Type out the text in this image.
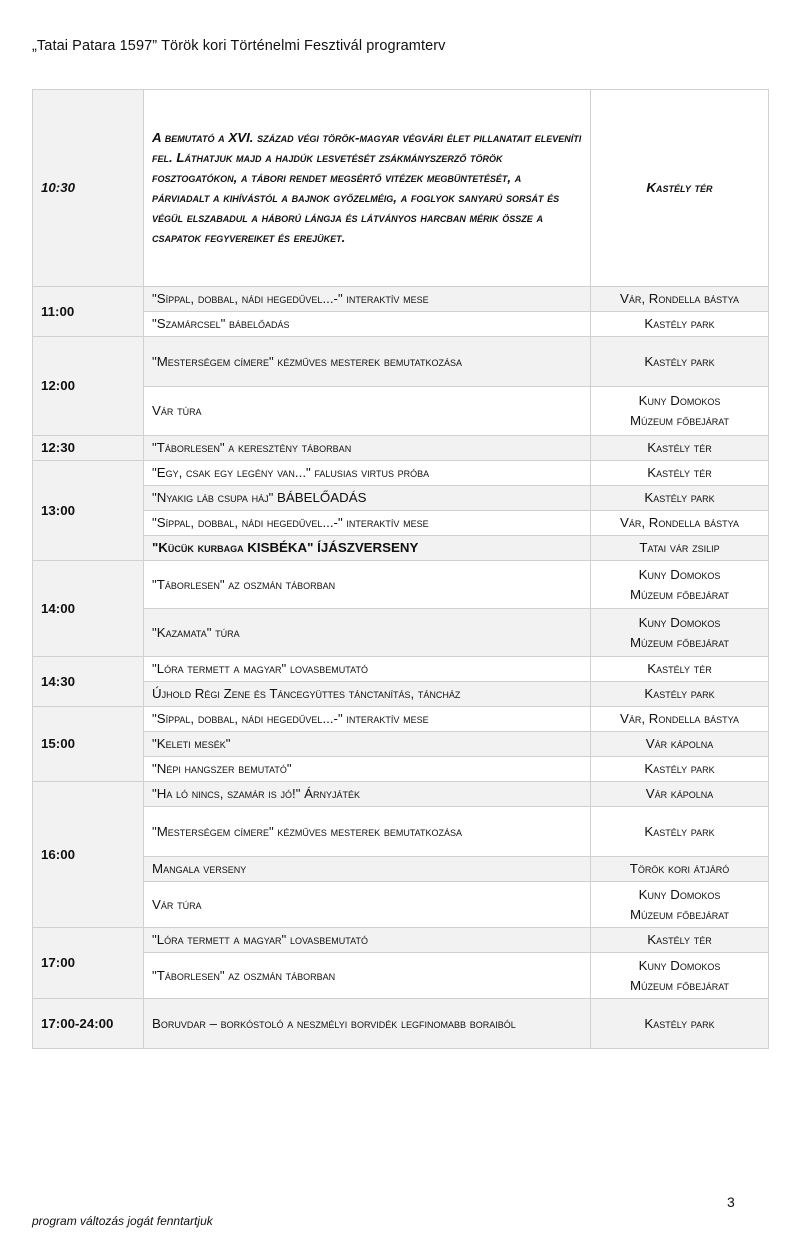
„Tatai Patara 1597” Török kori Történelmi Fesztivál programterv
10:30	A bemutató a XVI. század végi török-magyar végvári élet pillanatait eleveníti fel. Láthatjuk majd a hajdúk lesvetését zsákmányszerző török fosztogatókon, a tábori rendet megsértő vitézek megbüntetését, a párviadalt a kihívástól a bajnok győzelméig, a foglyok sanyarú sorsát és végül elszabadul a háború lángja és látványos harcban mérik össze a csapatok fegyvereiket és erejüket.	Kastély tér
11:00	"Síppal, dobbal, nádi hegedűvel...-" interaktív mese	Vár, Rondella bástya
	"Szamárcsel" bábelőadás	Kastély park
12:00	"Mesterségem címere" kézműves mesterek bemutatkozása	Kastély park
	Vár túra	Kuny Domokos
Múzeum főbejárat
12:30	"Táborlesen" a keresztény táborban	Kastély tér
13:00	"Egy, csak egy legény van..." falusias virtus próba	Kastély tér
	"Nyakig láb csupa háj" BÁBELŐADÁS	Kastély park
	"Síppal, dobbal, nádi hegedűvel...-" interaktív mese	Vár, Rondella bástya
	"Kücük kurbaga KISBÉKA" ÍJÁSZVERSENY	Tatai vár zsilip
14:00	"Táborlesen" az oszmán táborban	Kuny Domokos
Múzeum főbejárat
	"Kazamata" túra	Kuny Domokos
Múzeum főbejárat
14:30	"Lóra termett a magyar" lovasbemutató	Kastély tér
	Újhold Régi Zene és Táncegyüttes tánctanítás, táncház	Kastély park
15:00	"Síppal, dobbal, nádi hegedűvel...-" interaktív mese	Vár, Rondella bástya
	"Keleti mesék"	Vár kápolna
	"Népi hangszer bemutató"	Kastély park
16:00	"Ha ló nincs, szamár is jó!" Árnyjáték	Vár kápolna
	"Mesterségem címere" kézműves mesterek bemutatkozása	Kastély park
	Mangala verseny	Török kori átjáró
	Vár túra	Kuny Domokos
Múzeum főbejárat
17:00	"Lóra termett a magyar" lovasbemutató	Kastély tér
	"Táborlesen" az oszmán táborban	Kuny Domokos
Múzeum főbejárat
17:00-24:00	Boruvdar – borkóstoló a neszmélyi borvidék legfinomabb boraiból	Kastély park
3
program változás jogát fenntartjuk
